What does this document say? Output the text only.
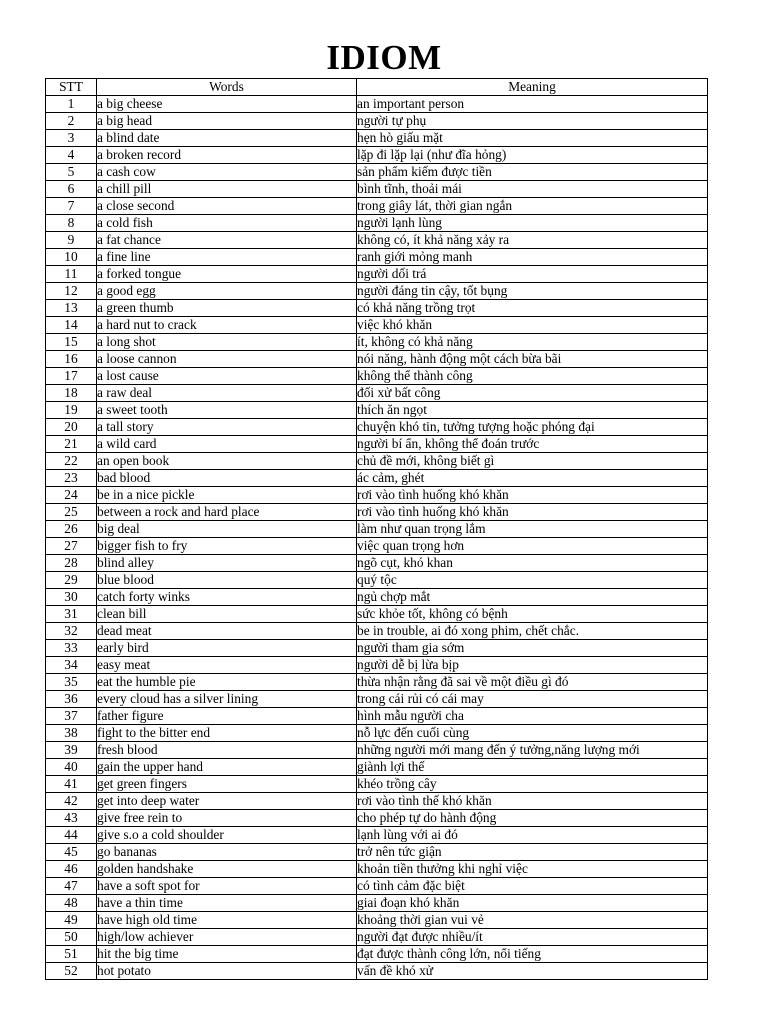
IDIOM
STT	Words	Meaning
1	a big cheese	an important person
2	a big head	người tự phụ
3	a blind date	hẹn hò giấu mặt
4	a broken record	lặp đi lặp lại (như đĩa hỏng)
5	a cash cow	sản phẩm kiếm được tiền
6	a chill pill	bình tĩnh, thoải mái
7	a close second	trong giây lát, thời gian ngắn
8	a cold fish	người lạnh lùng
9	a fat chance	không có, ít khả năng xảy ra
10	a fine line	ranh giới mỏng manh
11	a forked tongue	người dối trá
12	a good egg	người đáng tin cậy, tốt bụng
13	a green thumb	có khả năng trồng trọt
14	a hard nut to crack	việc khó khăn
15	a long shot	ít, không có khả năng
16	a loose cannon	nói năng, hành động một cách bừa bãi
17	a lost cause	không thể thành công
18	a raw deal	đối xử bất công
19	a sweet tooth	thích ăn ngọt
20	a tall story	chuyện khó tin, tưởng tượng hoặc phóng đại
21	a wild card	người bí ẩn, không thể đoán trước
22	an open book	chủ đề mới, không biết gì
23	bad blood	ác cảm, ghét
24	be in a nice pickle	rơi vào tình huống khó khăn
25	between a rock and hard place	rơi vào tình huống khó khăn
26	big deal	làm như quan trọng lắm
27	bigger fish to fry	việc quan trọng hơn
28	blind alley	ngõ cụt, khó khan
29	blue blood	quý tộc
30	catch forty winks	ngủ chợp mắt
31	clean bill	sức khỏe tốt, không có bệnh
32	dead meat	be in trouble, ai đó xong phim, chết chắc.
33	early bird	người tham gia sớm
34	easy meat	người dễ bị lừa bịp
35	eat the humble pie	thừa nhận rằng đã sai về một điều gì đó
36	every cloud has a silver lining	trong cái rủi có cái may
37	father figure	hình mẫu người cha
38	fight to the bitter end	nỗ lực đến cuối cùng
39	fresh blood	những người mới mang đến ý tưởng,năng lượng mới
40	gain the upper hand	giành lợi thế
41	get green fingers	khéo trồng cây
42	get into deep water	rơi vào tình thế khó khăn
43	give free rein to	cho phép tự do hành động
44	give s.o a cold shoulder	lạnh lùng với ai đó
45	go bananas	trở nên tức giận
46	golden handshake	khoản tiền thưởng khi nghỉ việc
47	have a soft spot for	có tình cảm đặc biệt
48	have a thin time	giai đoạn khó khăn
49	have high old time	khoảng thời gian vui vẻ
50	high/low achiever	người đạt được nhiều/ít
51	hit the big time	đạt được thành công lớn, nổi tiếng
52	hot potato	vấn đề khó xử
